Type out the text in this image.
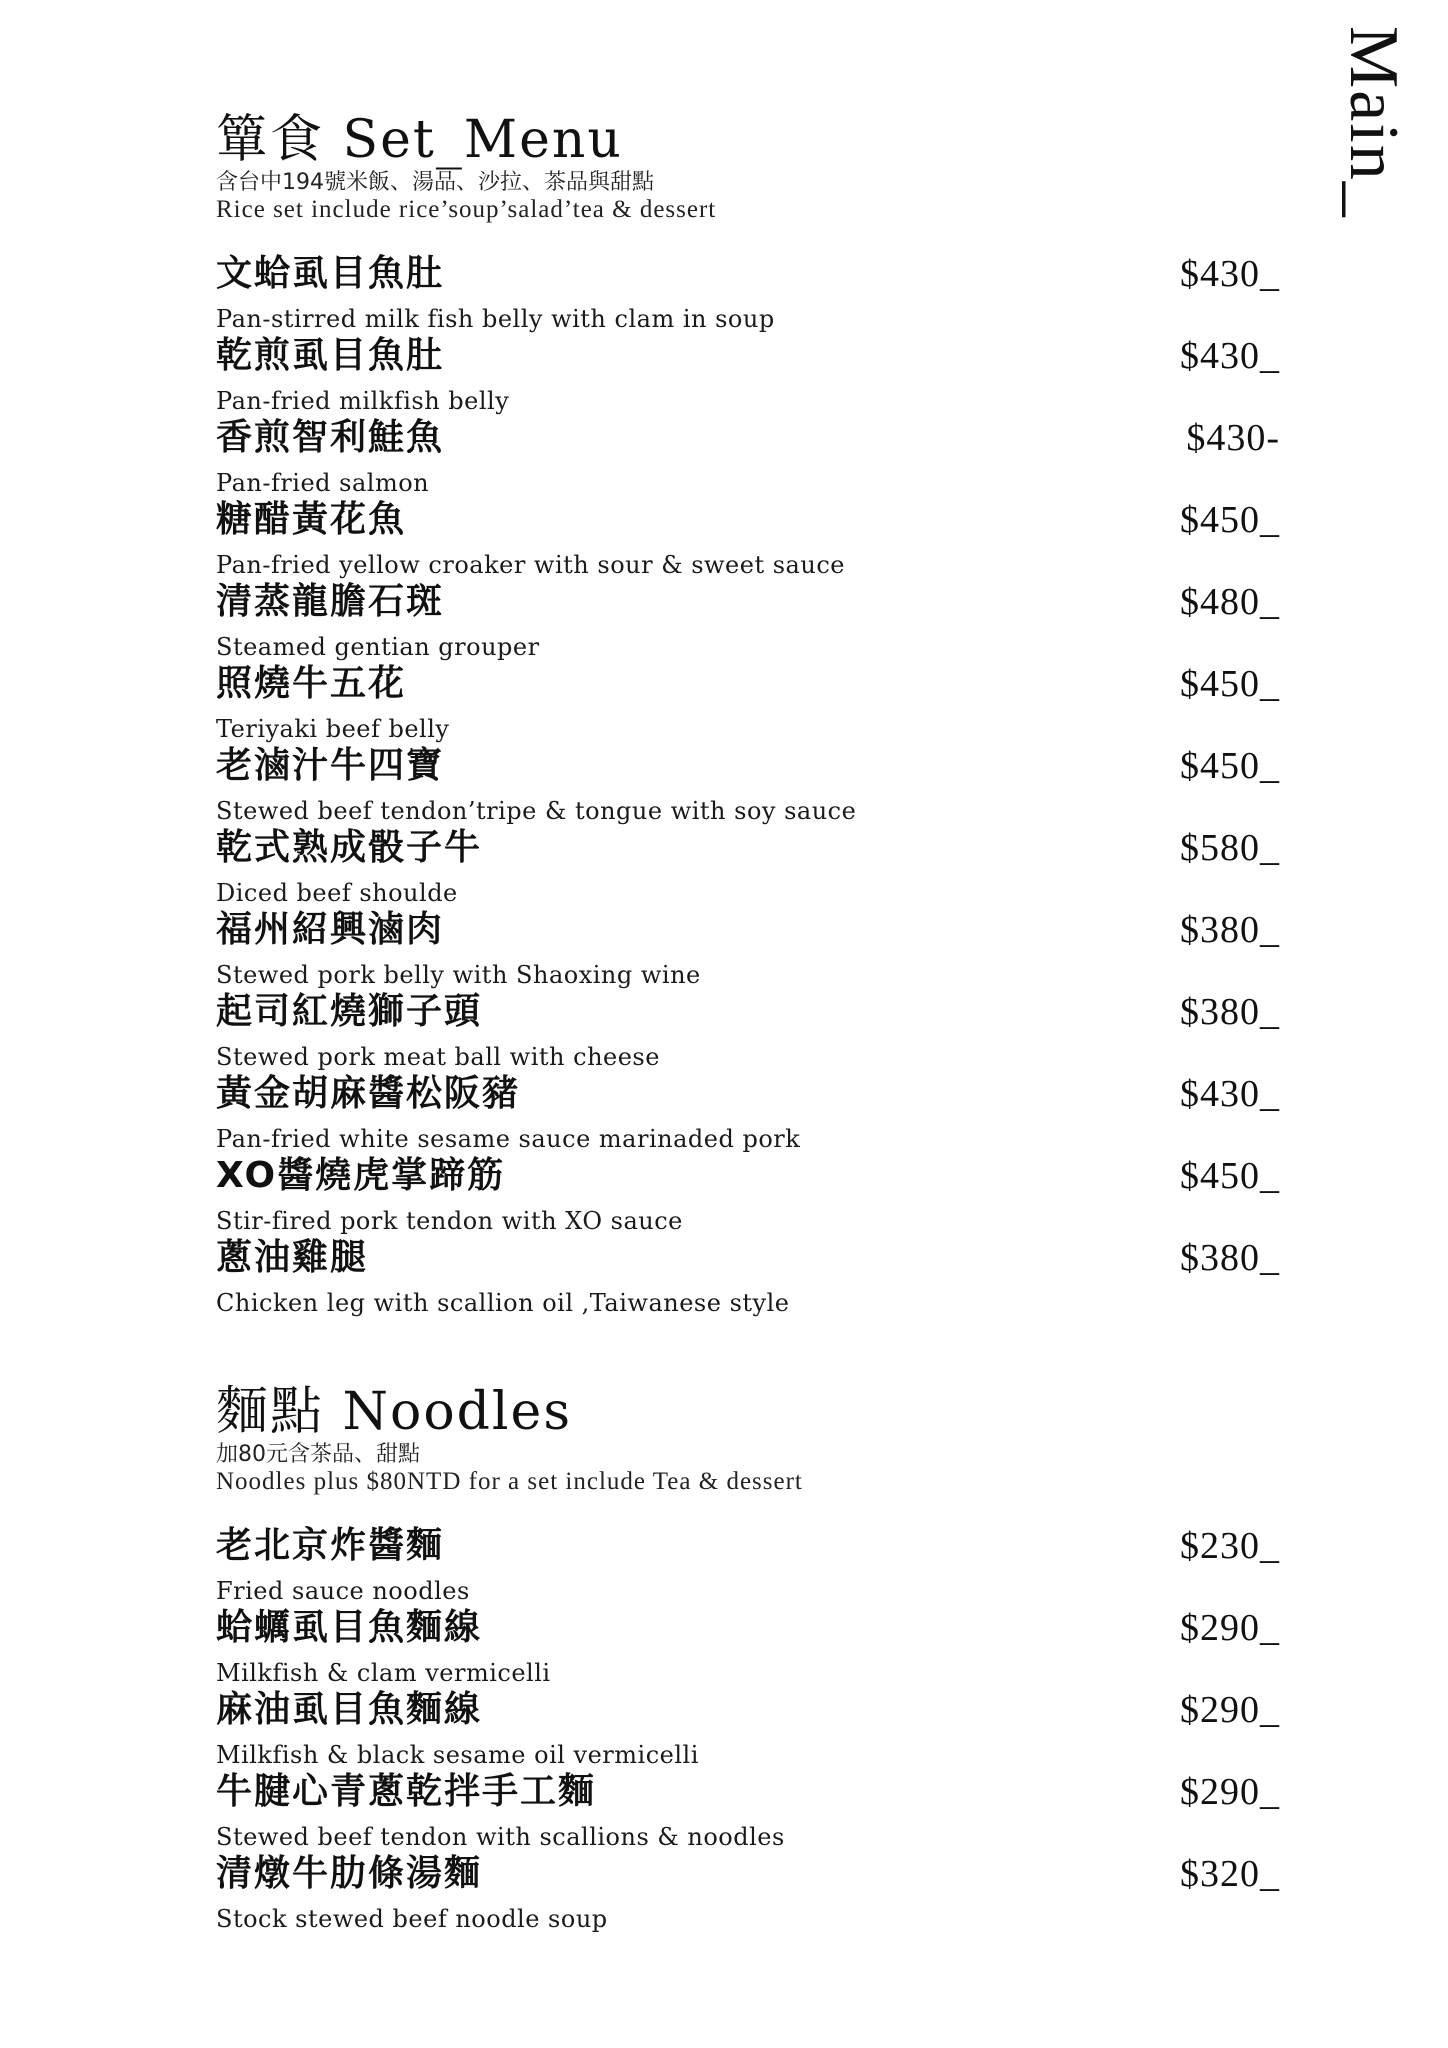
Main_
簞食 Set_Menu

含台中194號米飯、湯品、沙拉、茶品與甜點

Rice set include rice’soup’salad’tea & dessert

文蛤虱目魚肚
Pan-stirred milk fish belly with clam in soup
$430_
乾煎虱目魚肚
Pan-fried milkfish belly
$430_
香煎智利鮭魚
Pan-fried salmon
$430-
糖醋黃花魚
Pan-fried yellow croaker with sour & sweet sauce
$450_
清蒸龍膽石斑
Steamed gentian grouper
$480_
照燒牛五花
Teriyaki beef belly
$450_
老滷汁牛四寶
Stewed beef tendon’tripe & tongue with soy sauce
$450_
乾式熟成骰子牛
Diced beef shoulde
$580_
福州紹興滷肉
Stewed pork belly with Shaoxing wine
$380_
起司紅燒獅子頭
Stewed pork meat ball with cheese
$380_
黃金胡麻醬松阪豬
Pan-fried white sesame sauce marinaded pork
$430_
XO醬燒虎掌蹄筋
Stir-fired pork tendon with XO sauce
$450_
蔥油雞腿
Chicken leg with scallion oil ,Taiwanese style
$380_
麵點 Noodles

加80元含茶品、甜點

Noodles plus $80NTD for a set include Tea & dessert

老北京炸醬麵
Fried sauce noodles
$230_
蛤蠣虱目魚麵線
Milkfish & clam vermicelli
$290_
麻油虱目魚麵線
Milkfish & black sesame oil vermicelli
$290_
牛腱心青蔥乾拌手工麵
Stewed beef tendon with scallions & noodles
$290_
清燉牛肋條湯麵
Stock stewed beef noodle soup
$320_
